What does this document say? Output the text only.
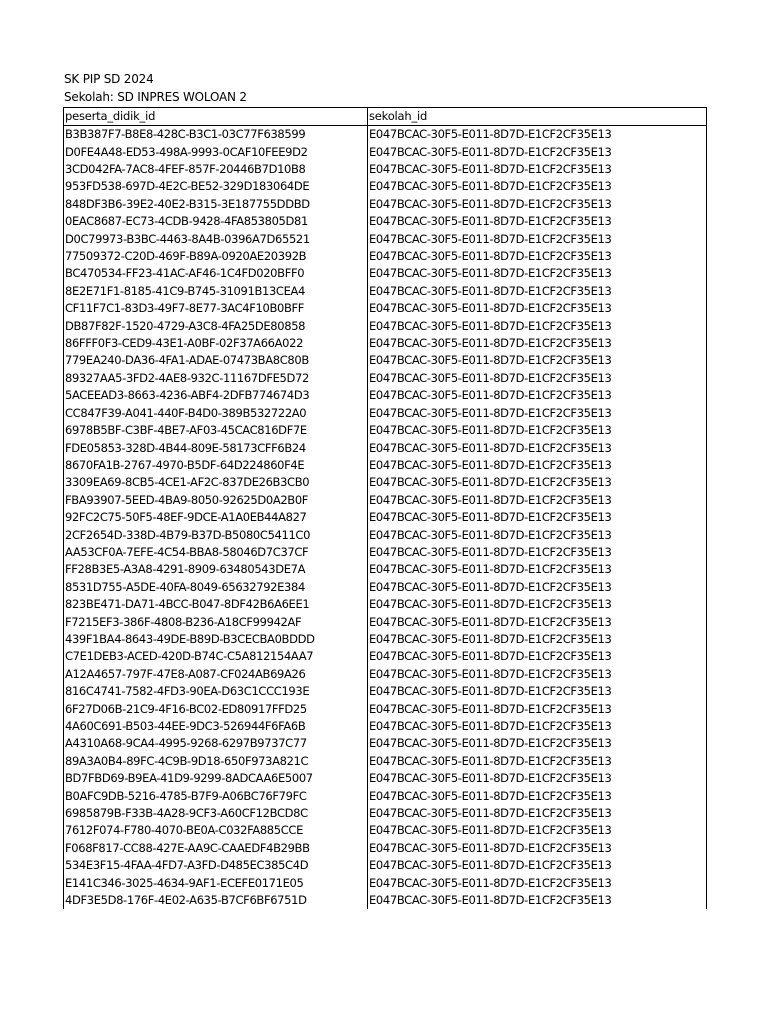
SK PIP SD 2024
Sekolah: SD INPRES WOLOAN 2
peserta_didik_id	sekolah_id
B3B387F7-B8E8-428C-B3C1-03C77F638599	E047BCAC-30F5-E011-8D7D-E1CF2CF35E13
D0FE4A48-ED53-498A-9993-0CAF10FEE9D2	E047BCAC-30F5-E011-8D7D-E1CF2CF35E13
3CD042FA-7AC8-4FEF-857F-20446B7D10B8	E047BCAC-30F5-E011-8D7D-E1CF2CF35E13
953FD538-697D-4E2C-BE52-329D183064DE	E047BCAC-30F5-E011-8D7D-E1CF2CF35E13
848DF3B6-39E2-40E2-B315-3E187755DDBD	E047BCAC-30F5-E011-8D7D-E1CF2CF35E13
0EAC8687-EC73-4CDB-9428-4FA853805D81	E047BCAC-30F5-E011-8D7D-E1CF2CF35E13
D0C79973-B3BC-4463-8A4B-0396A7D65521	E047BCAC-30F5-E011-8D7D-E1CF2CF35E13
77509372-C20D-469F-B89A-0920AE20392B	E047BCAC-30F5-E011-8D7D-E1CF2CF35E13
BC470534-FF23-41AC-AF46-1C4FD020BFF0	E047BCAC-30F5-E011-8D7D-E1CF2CF35E13
8E2E71F1-8185-41C9-B745-31091B13CEA4	E047BCAC-30F5-E011-8D7D-E1CF2CF35E13
CF11F7C1-83D3-49F7-8E77-3AC4F10B0BFF	E047BCAC-30F5-E011-8D7D-E1CF2CF35E13
DB87F82F-1520-4729-A3C8-4FA25DE80858	E047BCAC-30F5-E011-8D7D-E1CF2CF35E13
86FFF0F3-CED9-43E1-A0BF-02F37A66A022	E047BCAC-30F5-E011-8D7D-E1CF2CF35E13
779EA240-DA36-4FA1-ADAE-07473BA8C80B	E047BCAC-30F5-E011-8D7D-E1CF2CF35E13
89327AA5-3FD2-4AE8-932C-11167DFE5D72	E047BCAC-30F5-E011-8D7D-E1CF2CF35E13
5ACEEAD3-8663-4236-ABF4-2DFB774674D3	E047BCAC-30F5-E011-8D7D-E1CF2CF35E13
CC847F39-A041-440F-B4D0-389B532722A0	E047BCAC-30F5-E011-8D7D-E1CF2CF35E13
6978B5BF-C3BF-4BE7-AF03-45CAC816DF7E	E047BCAC-30F5-E011-8D7D-E1CF2CF35E13
FDE05853-328D-4B44-809E-58173CFF6B24	E047BCAC-30F5-E011-8D7D-E1CF2CF35E13
8670FA1B-2767-4970-B5DF-64D224860F4E	E047BCAC-30F5-E011-8D7D-E1CF2CF35E13
3309EA69-8CB5-4CE1-AF2C-837DE26B3CB0	E047BCAC-30F5-E011-8D7D-E1CF2CF35E13
FBA93907-5EED-4BA9-8050-92625D0A2B0F	E047BCAC-30F5-E011-8D7D-E1CF2CF35E13
92FC2C75-50F5-48EF-9DCE-A1A0EB44A827	E047BCAC-30F5-E011-8D7D-E1CF2CF35E13
2CF2654D-338D-4B79-B37D-B5080C5411C0	E047BCAC-30F5-E011-8D7D-E1CF2CF35E13
AA53CF0A-7EFE-4C54-BBA8-58046D7C37CF	E047BCAC-30F5-E011-8D7D-E1CF2CF35E13
FF28B3E5-A3A8-4291-8909-63480543DE7A	E047BCAC-30F5-E011-8D7D-E1CF2CF35E13
8531D755-A5DE-40FA-8049-65632792E384	E047BCAC-30F5-E011-8D7D-E1CF2CF35E13
823BE471-DA71-4BCC-B047-8DF42B6A6EE1	E047BCAC-30F5-E011-8D7D-E1CF2CF35E13
F7215EF3-386F-4808-B236-A18CF99942AF	E047BCAC-30F5-E011-8D7D-E1CF2CF35E13
439F1BA4-8643-49DE-B89D-B3CECBA0BDDD	E047BCAC-30F5-E011-8D7D-E1CF2CF35E13
C7E1DEB3-ACED-420D-B74C-C5A812154AA7	E047BCAC-30F5-E011-8D7D-E1CF2CF35E13
A12A4657-797F-47E8-A087-CF024AB69A26	E047BCAC-30F5-E011-8D7D-E1CF2CF35E13
816C4741-7582-4FD3-90EA-D63C1CCC193E	E047BCAC-30F5-E011-8D7D-E1CF2CF35E13
6F27D06B-21C9-4F16-BC02-ED80917FFD25	E047BCAC-30F5-E011-8D7D-E1CF2CF35E13
4A60C691-B503-44EE-9DC3-526944F6FA6B	E047BCAC-30F5-E011-8D7D-E1CF2CF35E13
A4310A68-9CA4-4995-9268-6297B9737C77	E047BCAC-30F5-E011-8D7D-E1CF2CF35E13
89A3A0B4-89FC-4C9B-9D18-650F973A821C	E047BCAC-30F5-E011-8D7D-E1CF2CF35E13
BD7FBD69-B9EA-41D9-9299-8ADCAA6E5007	E047BCAC-30F5-E011-8D7D-E1CF2CF35E13
B0AFC9DB-5216-4785-B7F9-A06BC76F79FC	E047BCAC-30F5-E011-8D7D-E1CF2CF35E13
6985879B-F33B-4A28-9CF3-A60CF12BCD8C	E047BCAC-30F5-E011-8D7D-E1CF2CF35E13
7612F074-F780-4070-BE0A-C032FA885CCE	E047BCAC-30F5-E011-8D7D-E1CF2CF35E13
F068F817-CC88-427E-AA9C-CAAEDF4B29BB	E047BCAC-30F5-E011-8D7D-E1CF2CF35E13
534E3F15-4FAA-4FD7-A3FD-D485EC385C4D	E047BCAC-30F5-E011-8D7D-E1CF2CF35E13
E141C346-3025-4634-9AF1-ECEFE0171E05	E047BCAC-30F5-E011-8D7D-E1CF2CF35E13
4DF3E5D8-176F-4E02-A635-B7CF6BF6751D	E047BCAC-30F5-E011-8D7D-E1CF2CF35E13
